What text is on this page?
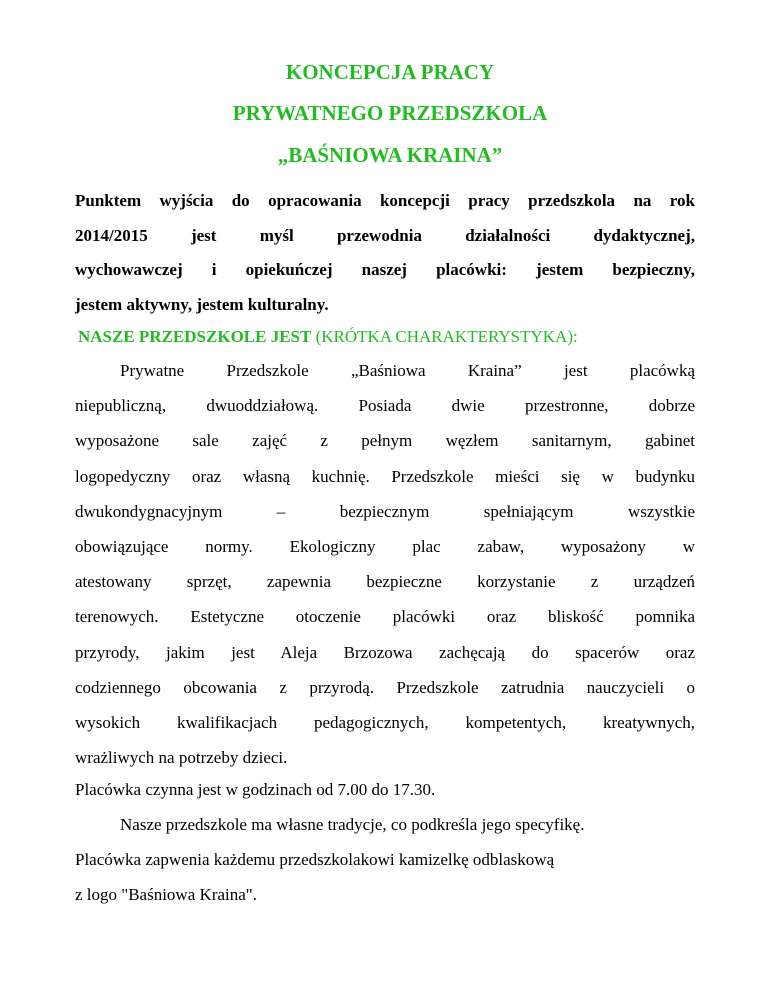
KONCEPCJA PRACY
PRYWATNEGO PRZEDSZKOLA
„BAŚNIOWA KRAINA”
Punktem wyjścia do opracowania koncepcji pracy przedszkola na rok
2014/2015 jest myśl przewodnia działalności dydaktycznej,
wychowawczej i opiekuńczej naszej placówki: jestem bezpieczny,
jestem aktywny, jestem kulturalny.
NASZE PRZEDSZKOLE JEST (KRÓTKA CHARAKTERYSTYKA):
Prywatne Przedszkole „Baśniowa Kraina” jest placówką
niepubliczną, dwuoddziałową. Posiada dwie przestronne, dobrze
wyposażone sale zajęć z pełnym węzłem sanitarnym, gabinet
logopedyczny oraz własną kuchnię. Przedszkole mieści się w budynku
dwukondygnacyjnym – bezpiecznym spełniającym wszystkie
obowiązujące normy. Ekologiczny plac zabaw, wyposażony w
atestowany sprzęt, zapewnia bezpieczne korzystanie z urządzeń
terenowych. Estetyczne otoczenie placówki oraz bliskość pomnika
przyrody, jakim jest Aleja Brzozowa zachęcają do spacerów oraz
codziennego obcowania z przyrodą. Przedszkole zatrudnia nauczycieli o
wysokich kwalifikacjach pedagogicznych, kompetentych, kreatywnych,
wrażliwych na potrzeby dzieci.
Placówka czynna jest w godzinach od 7.00 do 17.30.
Nasze przedszkole ma własne tradycje, co podkreśla jego specyfikę.
Placówka zapwenia każdemu przedszkolakowi kamizelkę odblaskową
z logo "Baśniowa Kraina".
